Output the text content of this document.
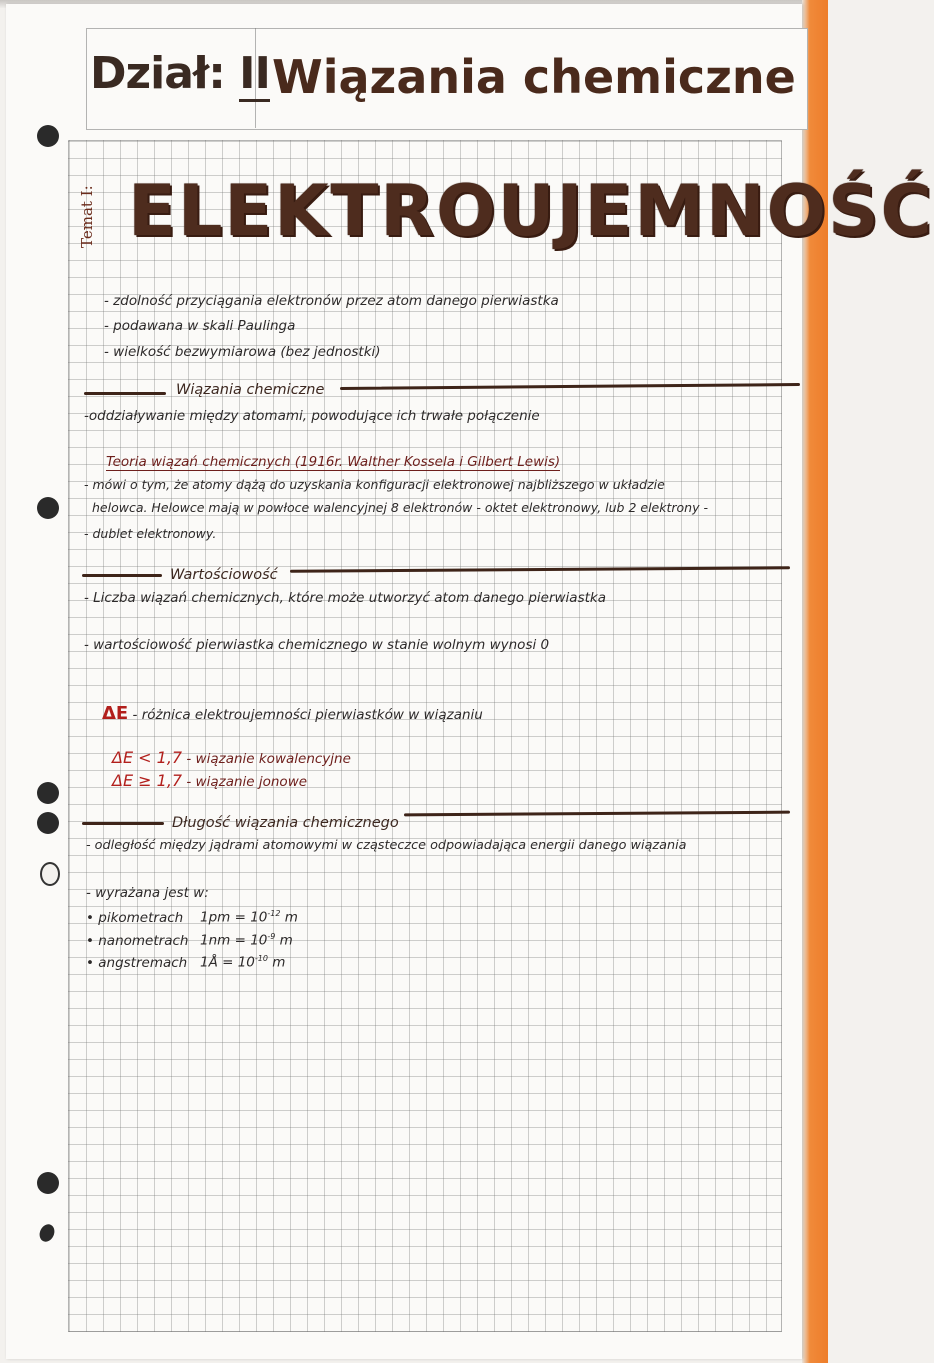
Dział: II Wiązania chemiczne
Temat I: ELEKTROUJEMNOŚĆ
- zdolność przyciągania elektronów przez atom danego pierwiastka
- podawana w skali Paulinga
- wielkość bezwymiarowa (bez jednostki)
Wiązania chemiczne
-oddziaływanie między atomami, powodujące ich trwałe połączenie
Teoria wiązań chemicznych (1916r. Walther Kossela i Gilbert Lewis)
- mówi o tym, że atomy dążą do uzyskania konfiguracji elektronowej najbliższego w układzie
helowca. Helowce mają w powłoce walencyjnej 8 elektronów - oktet elektronowy, lub 2 elektrony -
- dublet elektronowy.
Wartościowość
- Liczba wiązań chemicznych, które może utworzyć atom danego pierwiastka
- wartościowość pierwiastka chemicznego w stanie wolnym wynosi 0
ΔE - różnica elektroujemności pierwiastków w wiązaniu
ΔE < 1,7 - wiązanie kowalencyjne
ΔE ≥ 1,7 - wiązanie jonowe
Długość wiązania chemicznego
- odległość między jądrami atomowymi w cząsteczce odpowiadająca energii danego wiązania
- wyrażana jest w:
• pikometrach $1pm = 10^{-12}$ m
• nanometrach $1nm = 10^{-9}$ m
• angstremach 1Å = $10^{-10}$ m
